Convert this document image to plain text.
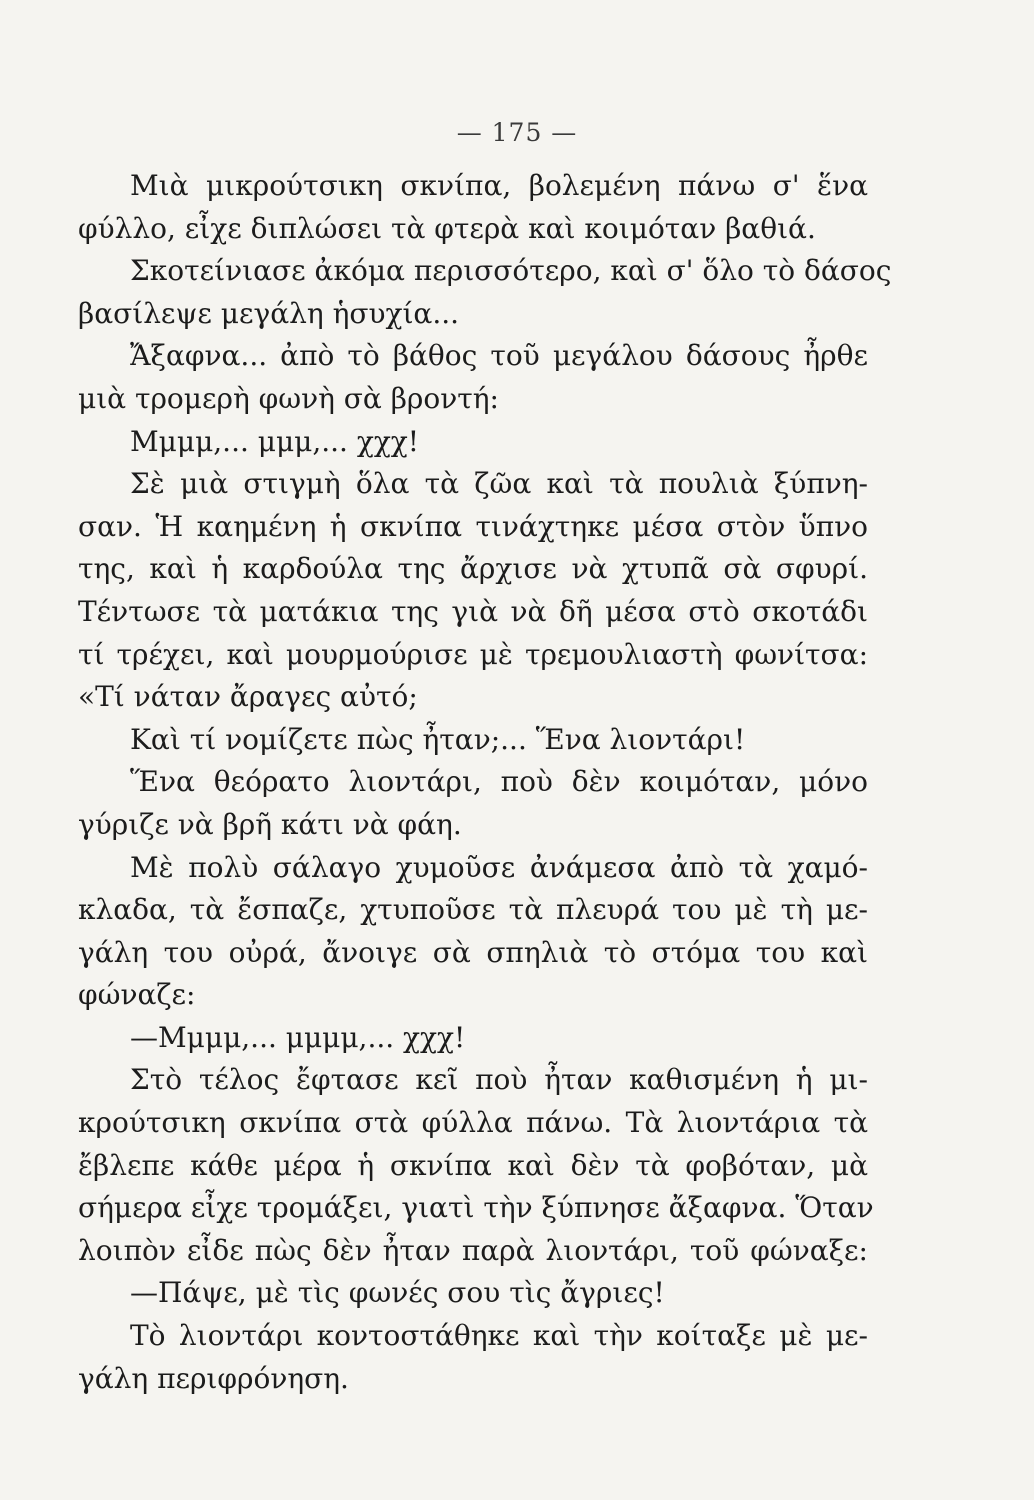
— 175 —
Μιὰ μικρούτσικη σκνίπα, βολεμένη πάνω σ' ἕνα
φύλλο, εἶχε διπλώσει τὰ φτερὰ καὶ κοιμόταν βαθιά.
Σκοτείνιασε ἀκόμα περισσότερο, καὶ σ' ὅλο τὸ δάσος
βασίλεψε μεγάλη ἡσυχία...
Ἄξαφνα... ἀπὸ τὸ βάθος τοῦ μεγάλου δάσους ἦρθε
μιὰ τρομερὴ φωνὴ σὰ βροντή:
Μμμμ,... μμμ,... χχχ!
Σὲ μιὰ στιγμὴ ὅλα τὰ ζῶα καὶ τὰ πουλιὰ ξύπνη-
σαν. Ἡ καημένη ἡ σκνίπα τινάχτηκε μέσα στὸν ὕπνο
της, καὶ ἡ καρδούλα της ἄρχισε νὰ χτυπᾶ σὰ σφυρί.
Τέντωσε τὰ ματάκια της γιὰ νὰ δῆ μέσα στὸ σκοτάδι
τί τρέχει, καὶ μουρμούρισε μὲ τρεμουλιαστὴ φωνίτσα:
«Τί νάταν ἄραγες αὐτό;
Καὶ τί νομίζετε πὼς ἦταν;... Ἕνα λιοντάρι!
Ἕνα θεόρατο λιοντάρι, ποὺ δὲν κοιμόταν, μόνο
γύριζε νὰ βρῆ κάτι νὰ φάη.
Μὲ πολὺ σάλαγο χυμοῦσε ἀνάμεσα ἀπὸ τὰ χαμό-
κλαδα, τὰ ἔσπαζε, χτυποῦσε τὰ πλευρά του μὲ τὴ με-
γάλη του οὐρά, ἄνοιγε σὰ σπηλιὰ τὸ στόμα του καὶ
φώναζε:
—Μμμμ,... μμμμ,... χχχ!
Στὸ τέλος ἔφτασε κεῖ ποὺ ἦταν καθισμένη ἡ μι-
κρούτσικη σκνίπα στὰ φύλλα πάνω. Τὰ λιοντάρια τὰ
ἔβλεπε κάθε μέρα ἡ σκνίπα καὶ δὲν τὰ φοβόταν, μὰ
σήμερα εἶχε τρομάξει, γιατὶ τὴν ξύπνησε ἄξαφνα. Ὅταν
λοιπὸν εἶδε πὼς δὲν ἦταν παρὰ λιοντάρι, τοῦ φώναξε:
—Πάψε, μὲ τὶς φωνές σου τὶς ἄγριες!
Τὸ λιοντάρι κοντοστάθηκε καὶ τὴν κοίταξε μὲ με-
γάλη περιφρόνηση.
